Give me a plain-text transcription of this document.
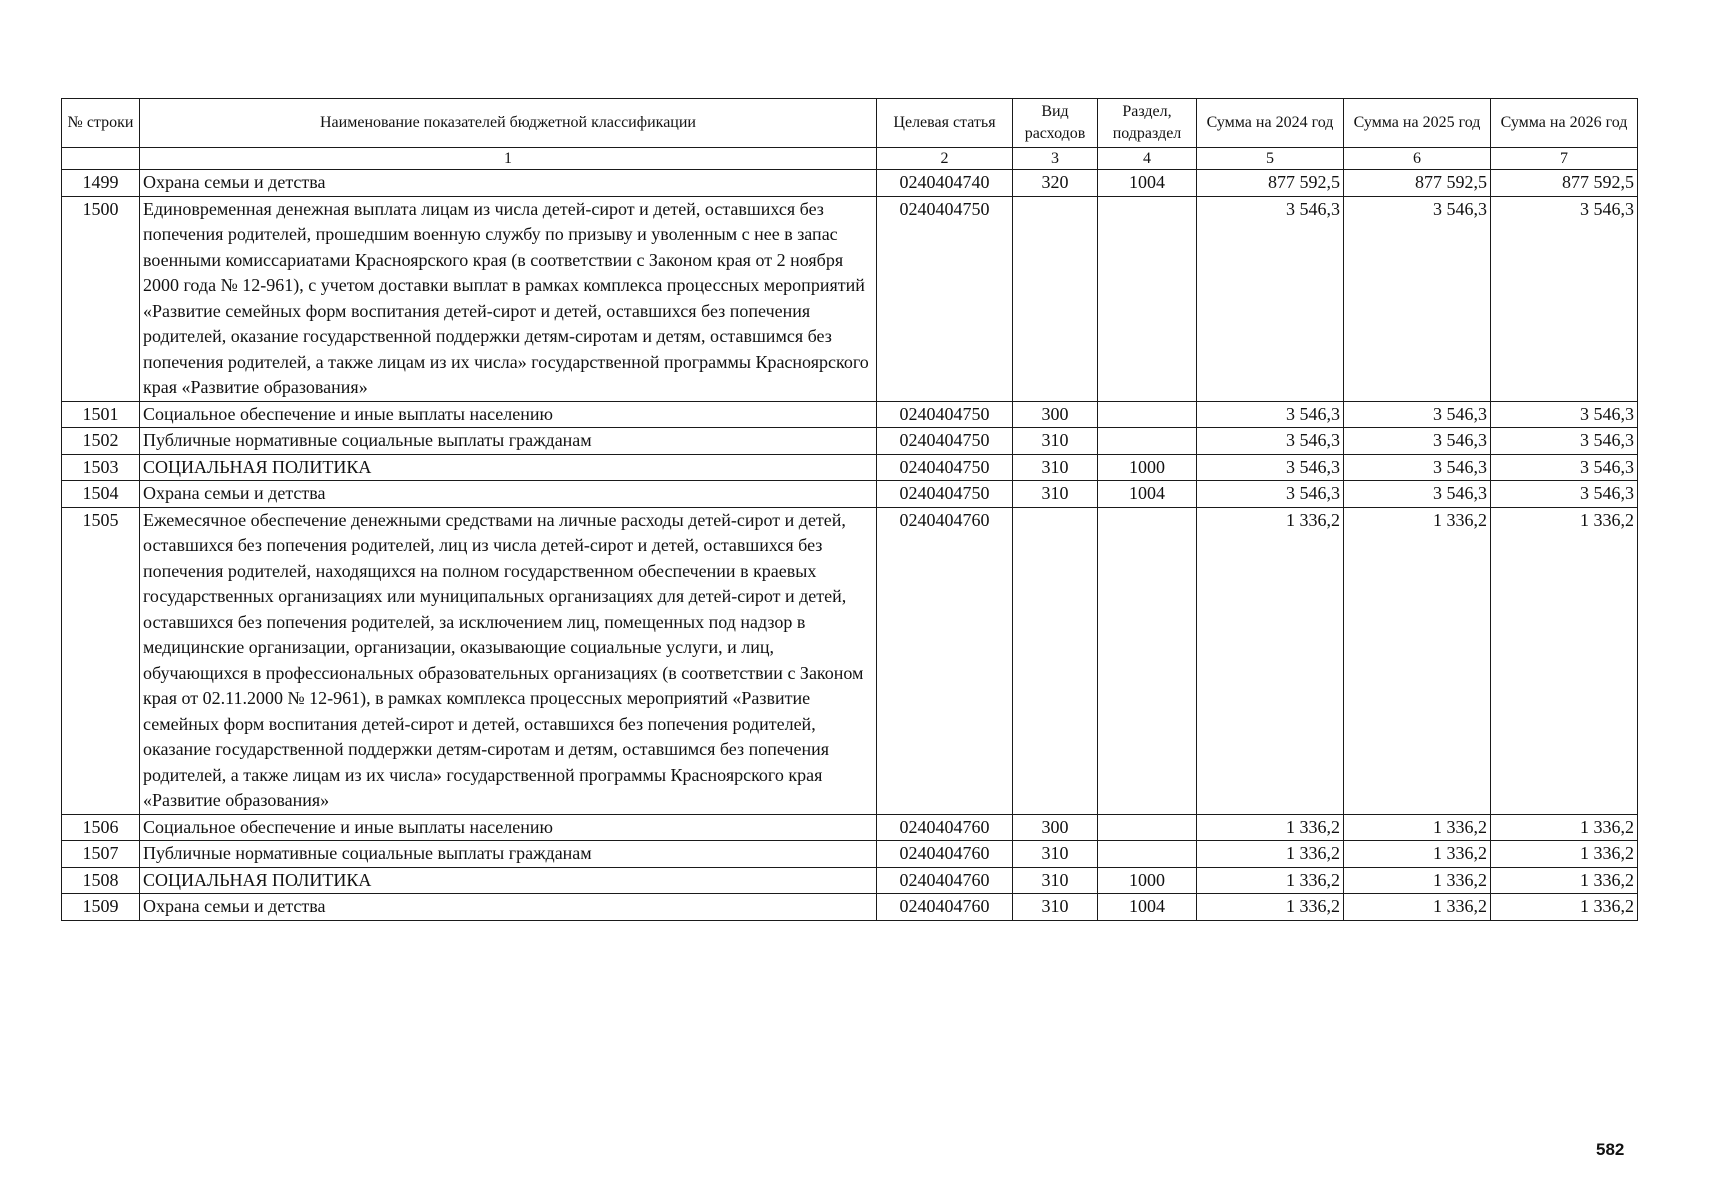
№ строки	Наименование показателей бюджетной классификации	Целевая статья	Вид расходов	Раздел, подраздел	Сумма на 2024 год	Сумма на 2025 год	Сумма на 2026 год
	1	2	3	4	5	6	7
1499	Охрана семьи и детства	0240404740	320	1004	877 592,5	877 592,5	877 592,5
1500	Единовременная денежная выплата лицам из числа детей-сирот и детей, оставшихся без попечения родителей, прошедшим военную службу по призыву и уволенным с нее в запас военными комиссариатами Красноярского края (в соответствии с Законом края от 2 ноября 2000 года № 12-961), с учетом доставки выплат в рамках комплекса процессных мероприятий «Развитие семейных форм воспитания детей-сирот и детей, оставшихся без попечения родителей, оказание государственной поддержки детям-сиротам и детям, оставшимся без попечения родителей, а также лицам из их числа» государственной программы Красноярского края «Развитие образования»	0240404750			3 546,3	3 546,3	3 546,3
1501	Социальное обеспечение и иные выплаты населению	0240404750	300		3 546,3	3 546,3	3 546,3
1502	Публичные нормативные социальные выплаты гражданам	0240404750	310		3 546,3	3 546,3	3 546,3
1503	СОЦИАЛЬНАЯ ПОЛИТИКА	0240404750	310	1000	3 546,3	3 546,3	3 546,3
1504	Охрана семьи и детства	0240404750	310	1004	3 546,3	3 546,3	3 546,3
1505	Ежемесячное обеспечение денежными средствами на личные расходы детей-сирот и детей, оставшихся без попечения родителей, лиц из числа детей-сирот и детей, оставшихся без попечения родителей, находящихся на полном государственном обеспечении в краевых государственных организациях или муниципальных организациях для детей-сирот и детей, оставшихся без попечения родителей, за исключением лиц, помещенных под надзор в медицинские организации, организации, оказывающие социальные услуги, и лиц, обучающихся в профессиональных образовательных организациях (в соответствии с Законом края от 02.11.2000 № 12-961), в рамках комплекса процессных мероприятий «Развитие семейных форм воспитания детей-сирот и детей, оставшихся без попечения родителей, оказание государственной поддержки детям-сиротам и детям, оставшимся без попечения родителей, а также лицам из их числа» государственной программы Красноярского края «Развитие образования»	0240404760			1 336,2	1 336,2	1 336,2
1506	Социальное обеспечение и иные выплаты населению	0240404760	300		1 336,2	1 336,2	1 336,2
1507	Публичные нормативные социальные выплаты гражданам	0240404760	310		1 336,2	1 336,2	1 336,2
1508	СОЦИАЛЬНАЯ ПОЛИТИКА	0240404760	310	1000	1 336,2	1 336,2	1 336,2
1509	Охрана семьи и детства	0240404760	310	1004	1 336,2	1 336,2	1 336,2
582
